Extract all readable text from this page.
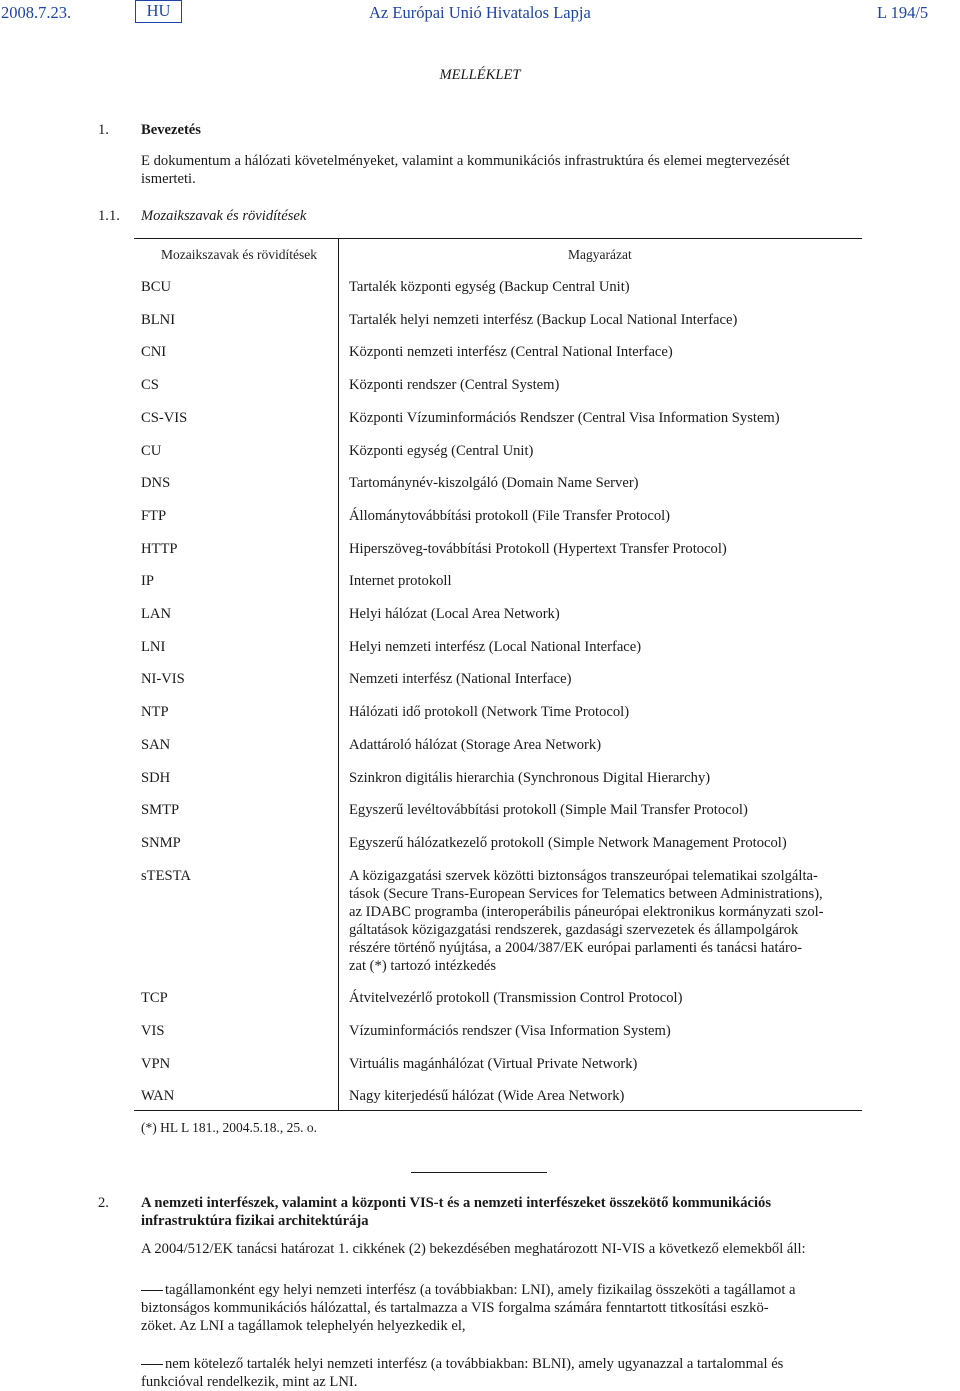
2008.7.23.	HU	Az Európai Unió Hivatalos Lapja	L 194/5
MELLÉKLET
1. Bevezetés
E dokumentum a hálózati követelményeket, valamint a kommunikációs infrastruktúra és elemei megtervezését
ismerteti.
1.1. Mozaikszavak és rövidítések
Mozaikszavak és rövidítések	Magyarázat
BCU	Tartalék központi egység (Backup Central Unit)
BLNI	Tartalék helyi nemzeti interfész (Backup Local National Interface)
CNI	Központi nemzeti interfész (Central National Interface)
CS	Központi rendszer (Central System)
CS-VIS	Központi Vízuminformációs Rendszer (Central Visa Information System)
CU	Központi egység (Central Unit)
DNS	Tartománynév-kiszolgáló (Domain Name Server)
FTP	Állománytovábbítási protokoll (File Transfer Protocol)
HTTP	Hiperszöveg-továbbítási Protokoll (Hypertext Transfer Protocol)
IP	Internet protokoll
LAN	Helyi hálózat (Local Area Network)
LNI	Helyi nemzeti interfész (Local National Interface)
NI-VIS	Nemzeti interfész (National Interface)
NTP	Hálózati idő protokoll (Network Time Protocol)
SAN	Adattároló hálózat (Storage Area Network)
SDH	Szinkron digitális hierarchia (Synchronous Digital Hierarchy)
SMTP	Egyszerű levéltovábbítási protokoll (Simple Mail Transfer Protocol)
SNMP	Egyszerű hálózatkezelő protokoll (Simple Network Management Protocol)
sTESTA	A közigazgatási szervek közötti biztonságos transzeurópai telematikai szolgálta-
tások (Secure Trans-European Services for Telematics between Administrations),
az IDABC programba (interoperábilis páneurópai elektronikus kormányzati szol-
gáltatások közigazgatási rendszerek, gazdasági szervezetek és állampolgárok
részére történő nyújtása, a 2004/387/EK európai parlamenti és tanácsi határo-
zat (*) tartozó intézkedés
TCP	Átvitelvezérlő protokoll (Transmission Control Protocol)
VIS	Vízuminformációs rendszer (Visa Information System)
VPN	Virtuális magánhálózat (Virtual Private Network)
WAN	Nagy kiterjedésű hálózat (Wide Area Network)
(*) HL L 181., 2004.5.18., 25. o.
2. A nemzeti interfészek, valamint a központi VIS-t és a nemzeti interfészeket összekötő kommunikációs
infrastruktúra fizikai architektúrája
A 2004/512/EK tanácsi határozat 1. cikkének (2) bekezdésében meghatározott NI-VIS a következő elemekből áll:
tagállamonként egy helyi nemzeti interfész (a továbbiakban: LNI), amely fizikailag összeköti a tagállamot a
biztonságos kommunikációs hálózattal, és tartalmazza a VIS forgalma számára fenntartott titkosítási eszkö-
zöket. Az LNI a tagállamok telephelyén helyezkedik el,
nem kötelező tartalék helyi nemzeti interfész (a továbbiakban: BLNI), amely ugyanazzal a tartalommal és
funkcióval rendelkezik, mint az LNI.
